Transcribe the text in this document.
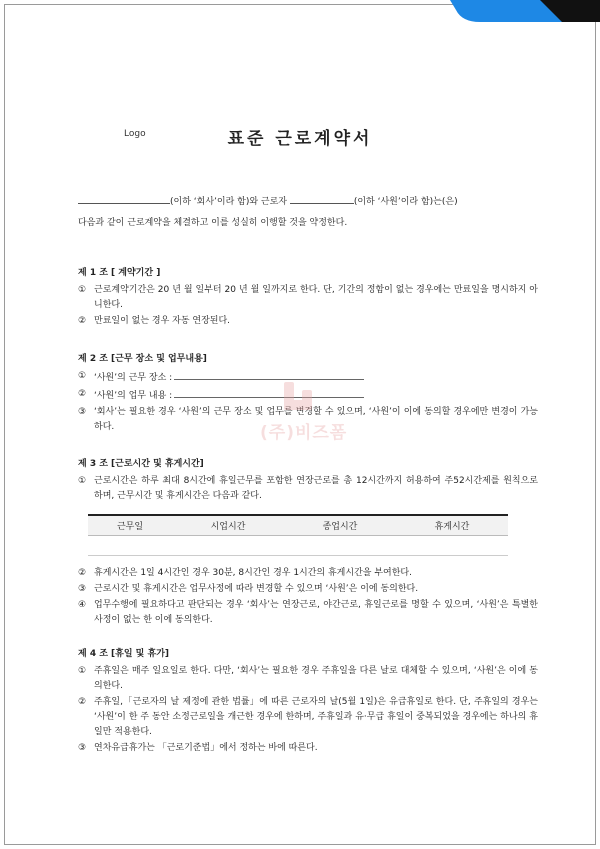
Logo	표준 근로계약서
(이하 ‘회사’이라 함)와 근로자	(이하 ‘사원’이라 함)는(은)
다음과 같이 근로계약을 체결하고 이를 성실히 이행할 것을 약정한다.
제 1 조 [ 계약기간 ]
① 근로계약기간은 20 년 월 일부터 20 년 월 일까지로 한다. 단, 기간의 정함이 없는 경우에는 만료일을 명시하지 아니한다.
② 만료일이 없는 경우 자동 연장된다.
제 2 조 [근무 장소 및 업무내용]
① ‘사원’의 근무 장소 :
② ‘사원’의 업무 내용 :
③ ‘회사’는 필요한 경우 ‘사원’의 근무 장소 및 업무를 변경할 수 있으며, ‘사원’이 이에 동의할 경우에만 변경이 가능하다.	(주)비즈폼
제 3 조 [근로시간 및 휴게시간]
① 근로시간은 하루 최대 8시간에 휴일근무를 포함한 연장근로를 총 12시간까지 허용하여 주52시간제를 원칙으로 하며, 근무시간 및 휴게시간은 다음과 같다.
근무일	시업시간	종업시간	휴게시간

② 휴게시간은 1일 4시간인 경우 30분, 8시간인 경우 1시간의 휴게시간을 부여한다.
③ 근로시간 및 휴게시간은 업무사정에 따라 변경할 수 있으며 ‘사원’은 이에 동의한다.
④ 업무수행에 필요하다고 판단되는 경우 ‘회사’는 연장근로, 야간근로, 휴일근로를 명할 수 있으며, ‘사원’은 특별한 사정이 없는 한 이에 동의한다.
제 4 조 [휴일 및 휴가]
① 주휴일은 매주 일요일로 한다. 다만, ‘회사’는 필요한 경우 주휴일을 다른 날로 대체할 수 있으며, ‘사원’은 이에 동의한다.
② 주휴일,「근로자의 날 제정에 관한 법률」에 따른 근로자의 날(5월 1일)은 유급휴일로 한다. 단, 주휴일의 경우는 ‘사원’이 한 주 동안 소정근로일을 개근한 경우에 한하며, 주휴일과 유·무급 휴일이 중복되었을 경우에는 하나의 휴일만 적용한다.
③ 연차유급휴가는 「근로기준법」에서 정하는 바에 따른다.
